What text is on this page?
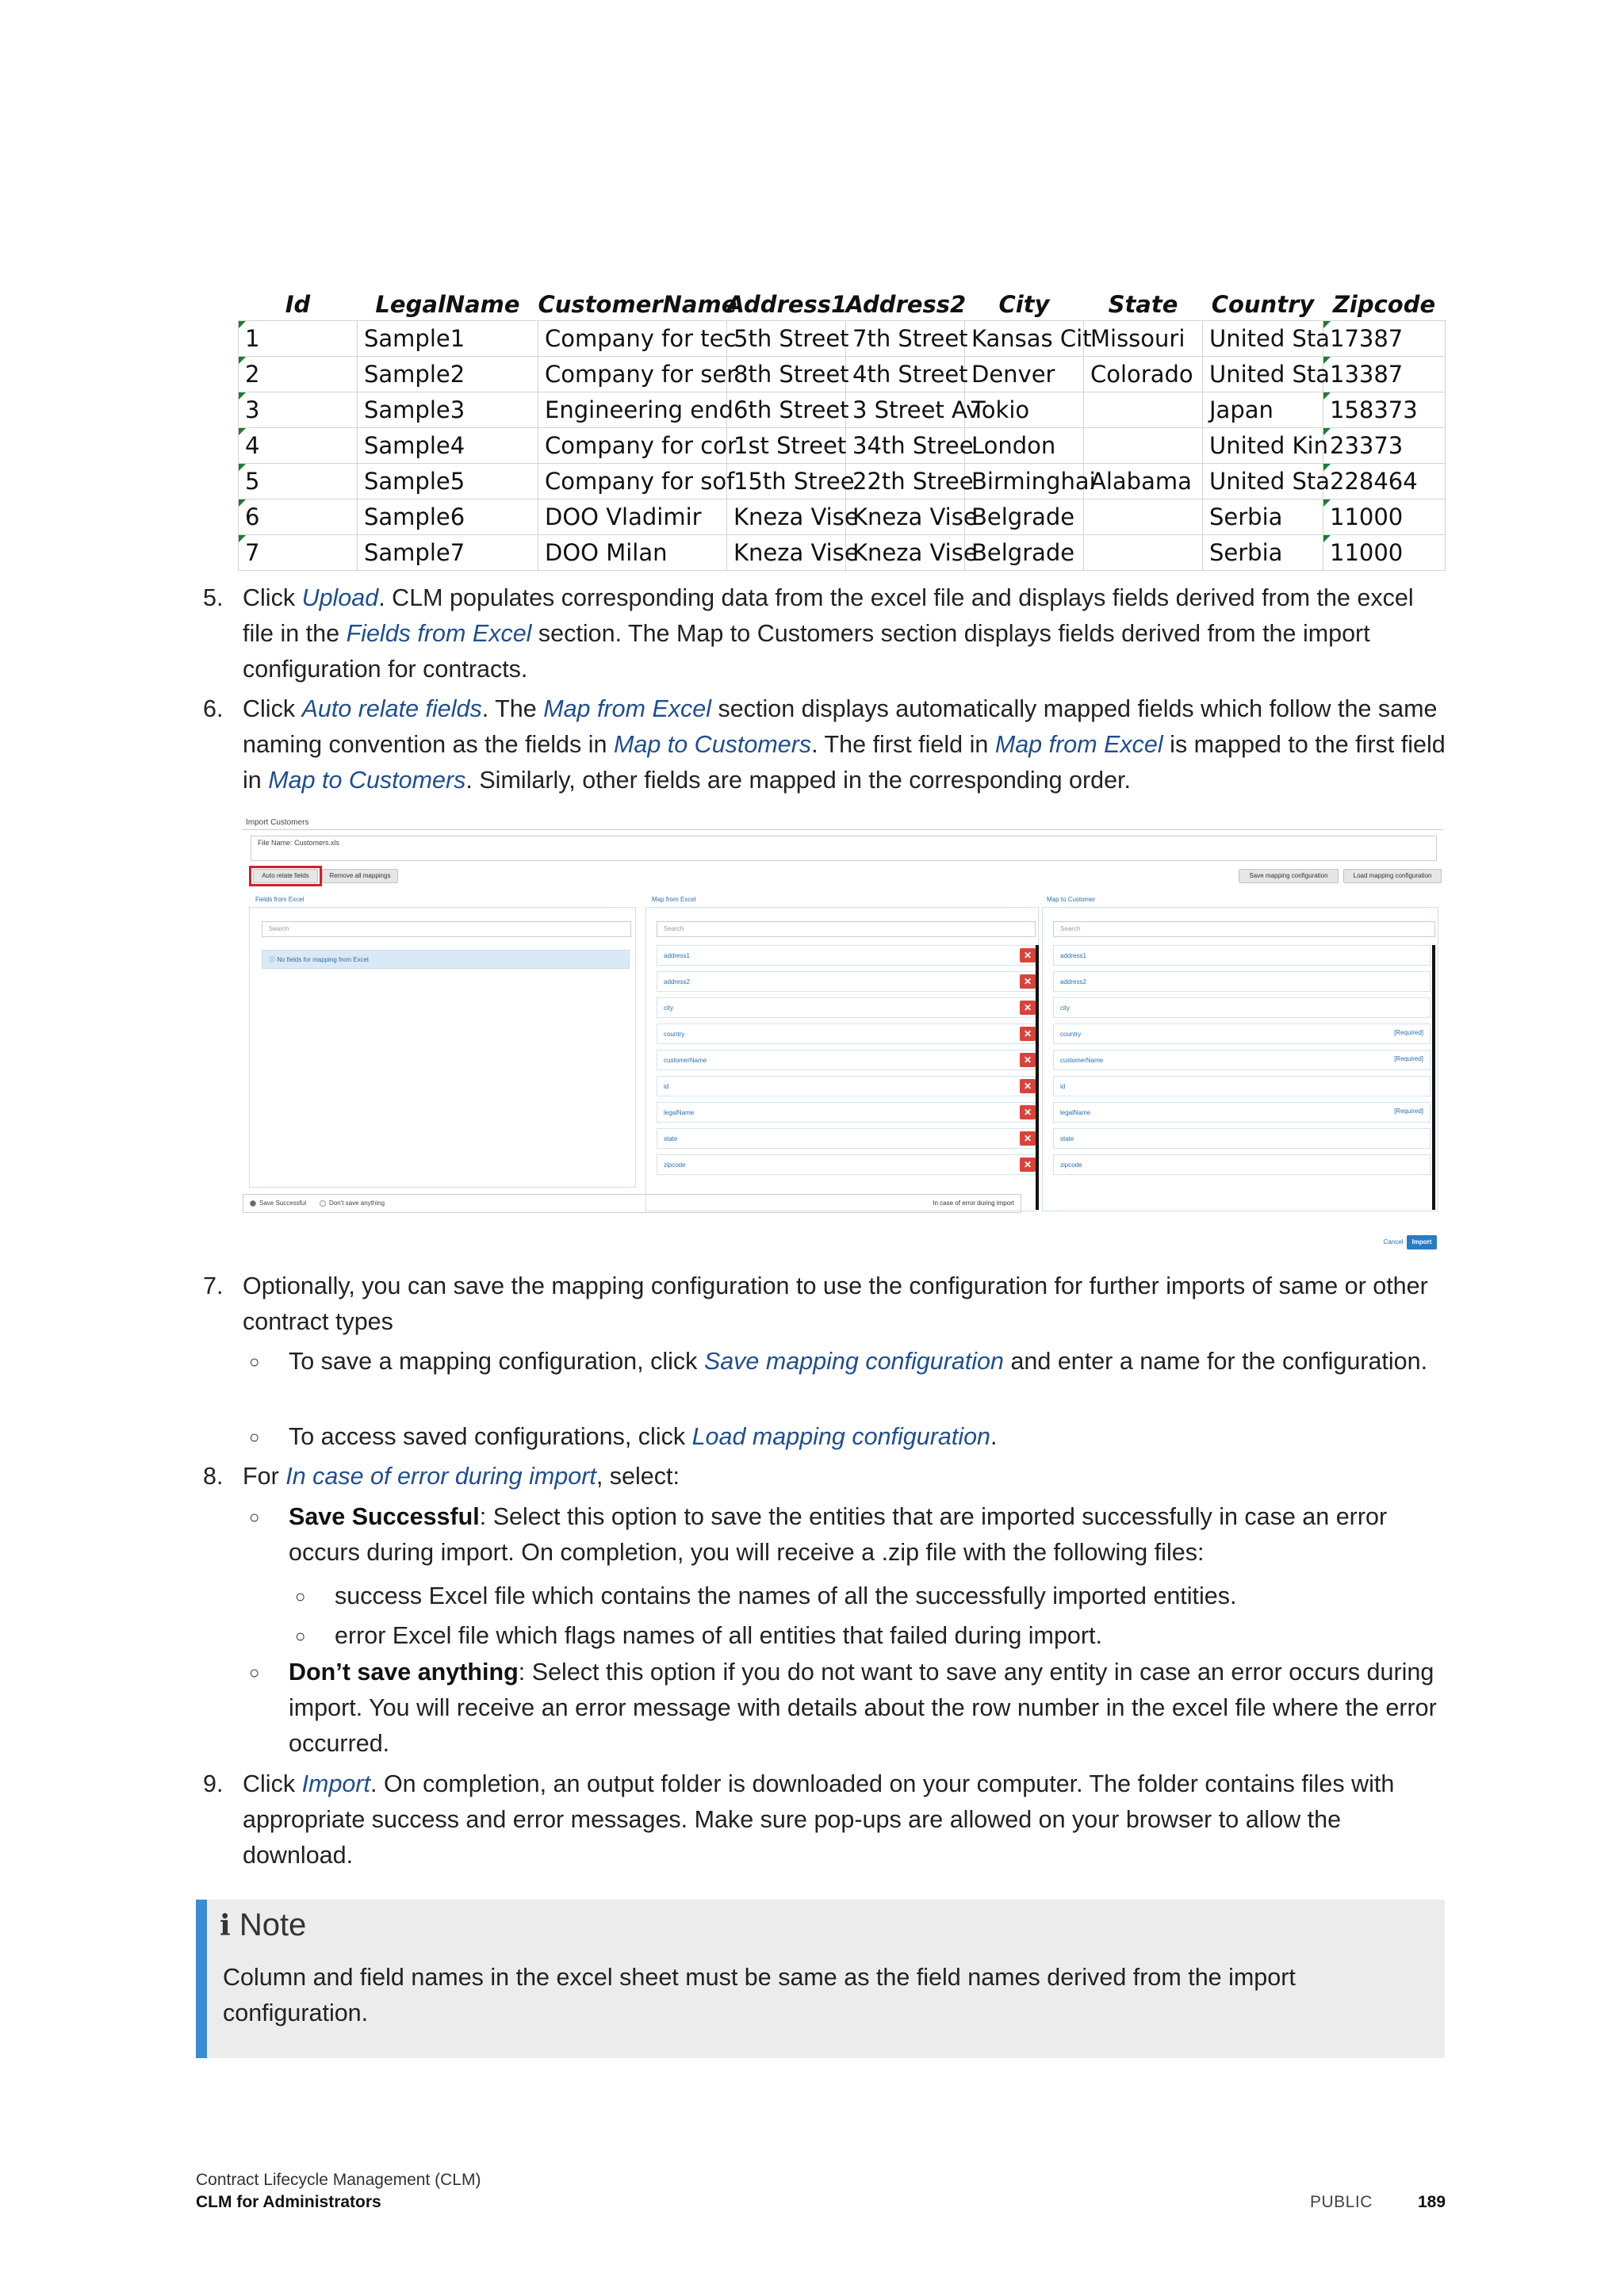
Id	LegalName	CustomerName	Address1	Address2	City	State	Country	Zipcode
1	Sample1	Company for tec	5th Street	7th Street	Kansas Cit	Missouri	United Sta	17387
2	Sample2	Company for ser	8th Street	4th Street	Denver	Colorado	United Sta	13387
3	Sample3	Engineering end	6th Street	3 Street Av	Tokio		Japan	158373
4	Sample4	Company for cor	1st Street	34th Stree	London		United Kin	23373
5	Sample5	Company for sof	15th Stree	22th Stree	Birminghai	Alabama	United Sta	228464
6	Sample6	DOO Vladimir	Kneza Vise	Kneza Vise	Belgrade		Serbia	11000
7	Sample7	DOO Milan	Kneza Vise	Kneza Vise	Belgrade		Serbia	11000
5. Click Upload. CLM populates corresponding data from the excel file and displays fields derived from the excel file in the Fields from Excel section. The Map to Customers section displays fields derived from the import configuration for contracts.
6. Click Auto relate fields. The Map from Excel section displays automatically mapped fields which follow the same naming convention as the fields in Map to Customers. The first field in Map from Excel is mapped to the first field in Map to Customers. Similarly, other fields are mapped in the corresponding order.
Import Customers
File Name: Customers.xls
Auto relate fields	Remove all mappings	Save mapping configuration	Load mapping configuration
Fields from Excel	Map from Excel	Map to Customer
Search
ⓘ No fields for mapping from Excel
Search
address1	✕
address2	✕
city	✕
country	✕
customerName	✕
id	✕
legalName	✕
state	✕
zipcode	✕
Search
address1
address2
city
country	[Required]
customerName	[Required]
id
legalName	[Required]
state
zipcode
Save Successful	Don't save anything	In case of error during import
Cancel	Import
7. Optionally, you can save the mapping configuration to use the configuration for further imports of same or other contract types
○ To save a mapping configuration, click Save mapping configuration and enter a name for the configuration.
○ To access saved configurations, click Load mapping configuration.
8. For In case of error during import, select:
○ Save Successful: Select this option to save the entities that are imported successfully in case an error occurs during import. On completion, you will receive a .zip file with the following files:
○ success Excel file which contains the names of all the successfully imported entities.
○ error Excel file which flags names of all entities that failed during import.
○ Don’t save anything: Select this option if you do not want to save any entity in case an error occurs during import. You will receive an error message with details about the row number in the excel file where the error occurred.
9. Click Import. On completion, an output folder is downloaded on your computer. The folder contains files with appropriate success and error messages. Make sure pop-ups are allowed on your browser to allow the download.
i Note
Column and field names in the excel sheet must be same as the field names derived from the import configuration.
Contract Lifecycle Management (CLM)
CLM for Administrators	PUBLIC	189
